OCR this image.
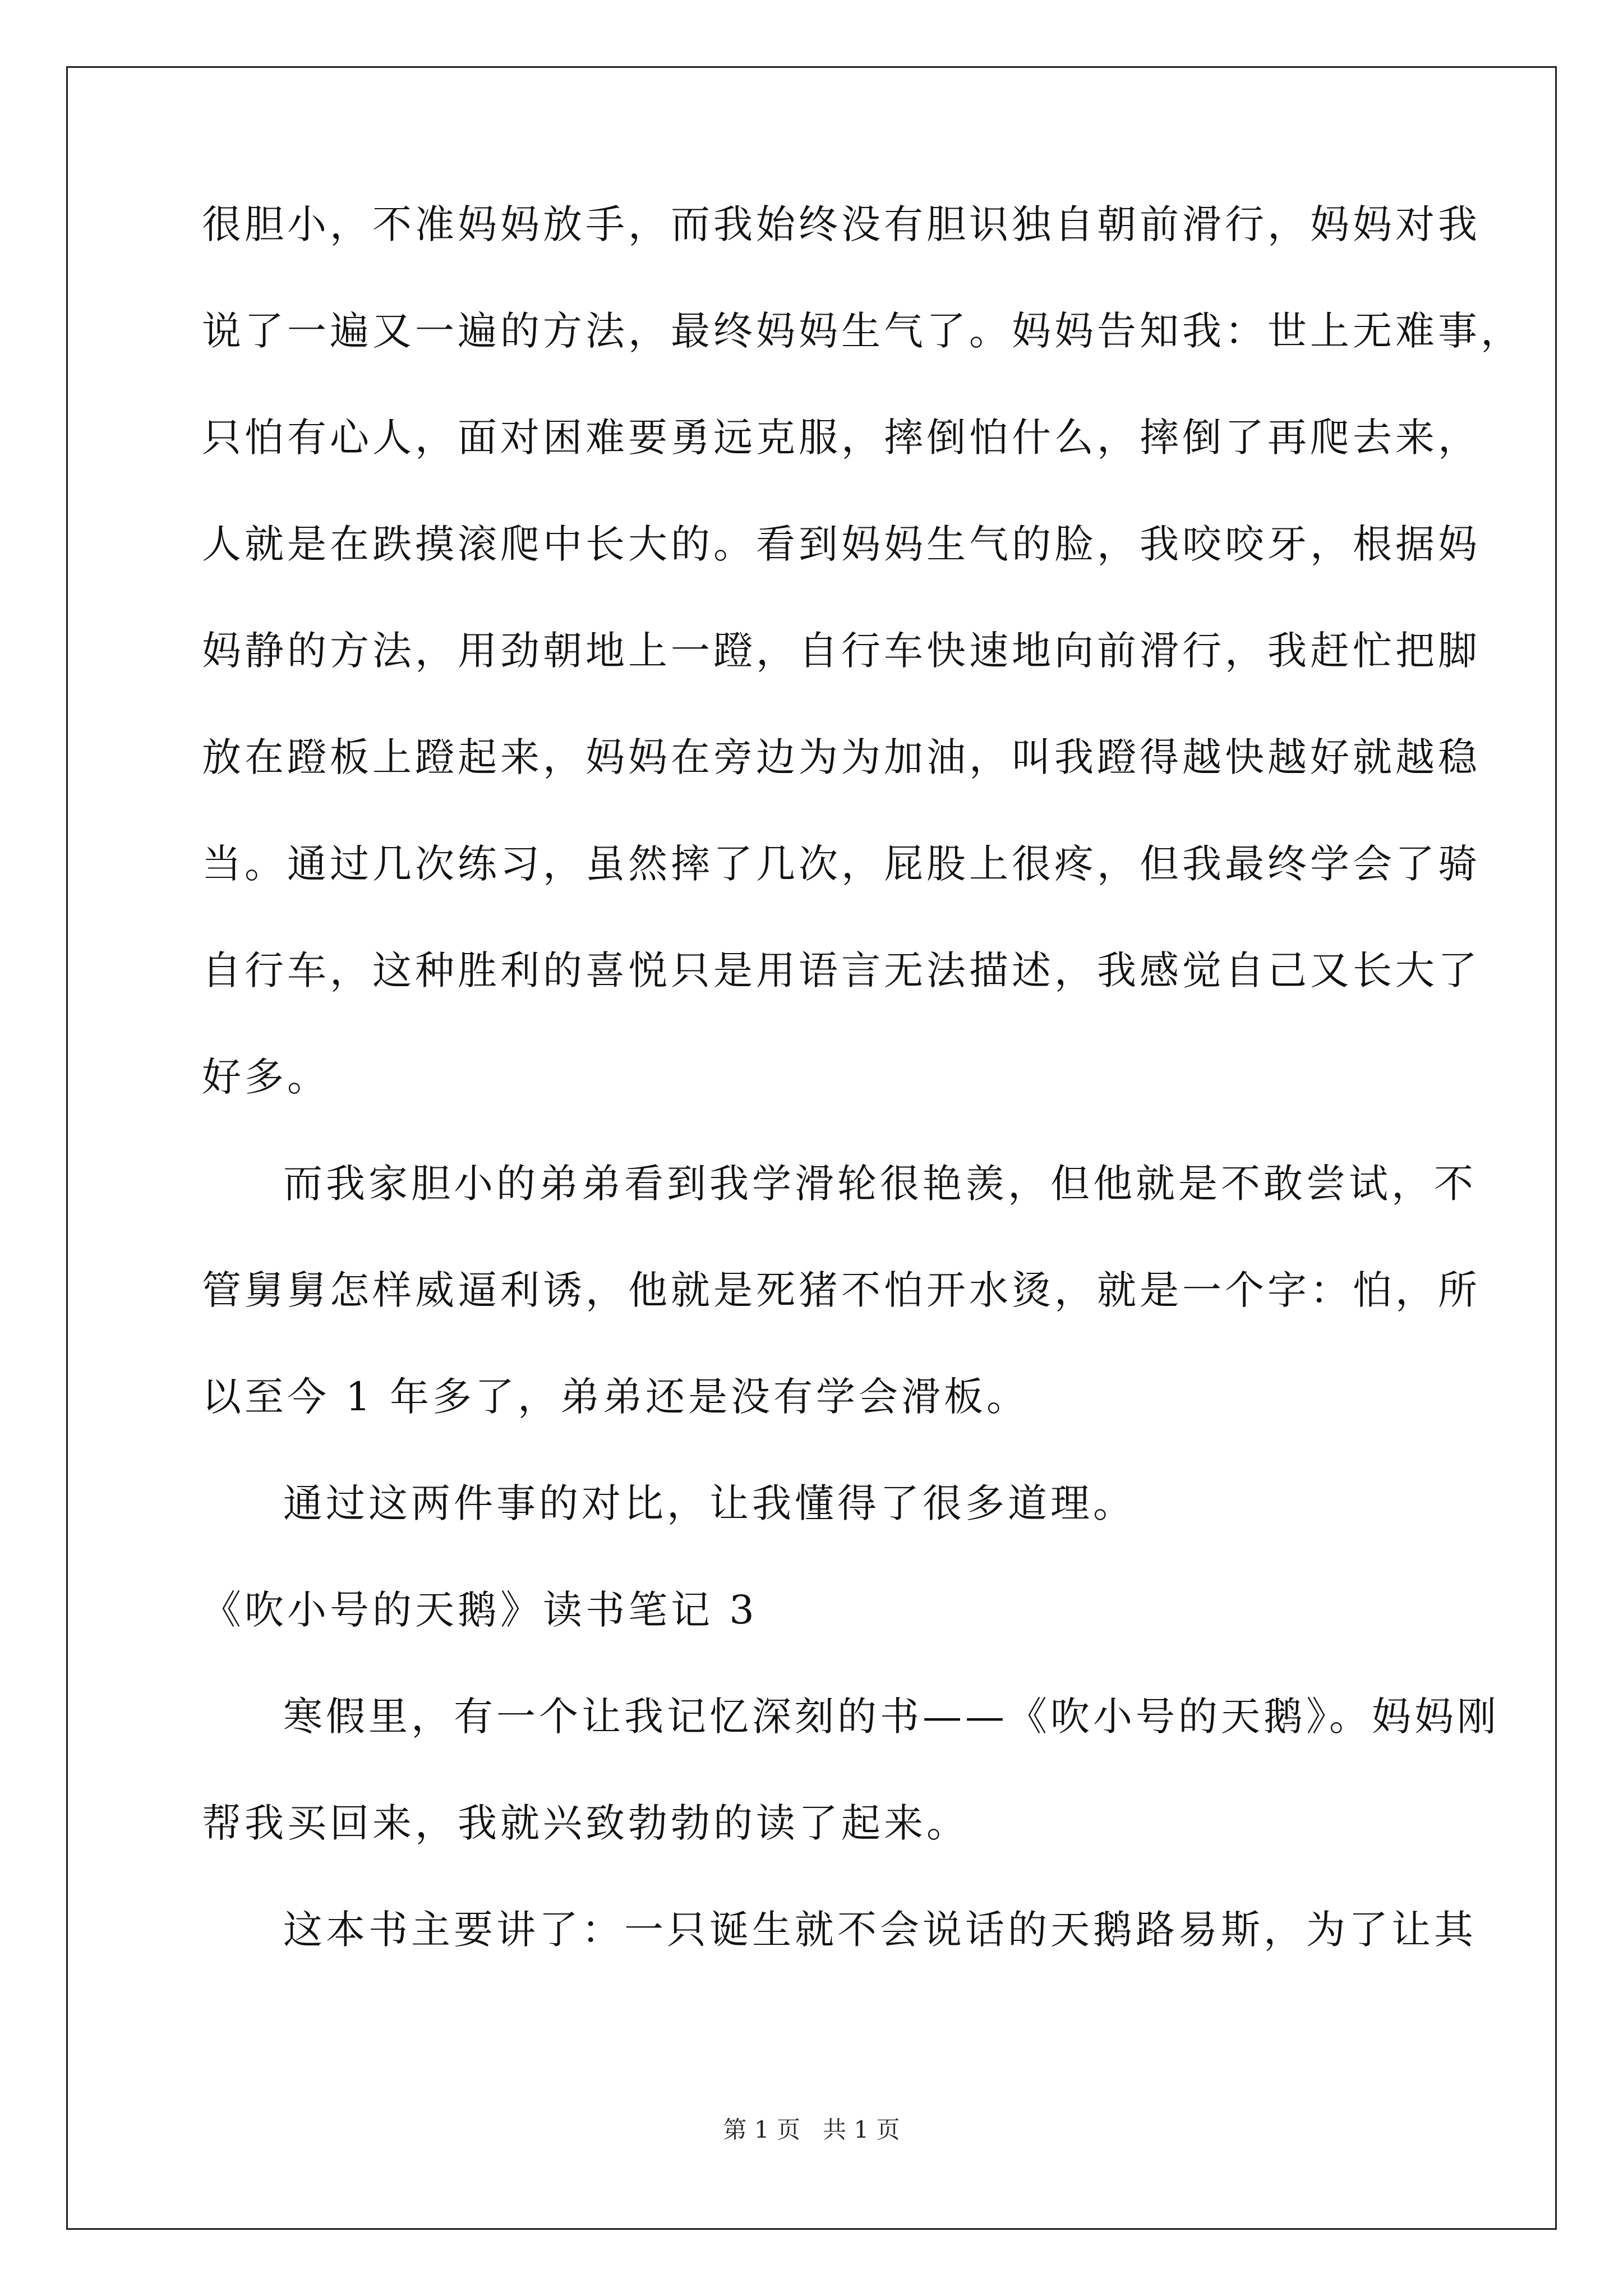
很胆小，不准妈妈放手，而我始终没有胆识独自朝前滑行，妈妈对我
说了一遍又一遍的方法，最终妈妈生气了。妈妈告知我：世上无难事，
只怕有心人，面对困难要勇远克服，摔倒怕什么，摔倒了再爬去来，
人就是在跌摸滚爬中长大的。看到妈妈生气的脸，我咬咬牙，根据妈
妈静的方法，用劲朝地上一蹬，自行车快速地向前滑行，我赶忙把脚
放在蹬板上蹬起来，妈妈在旁边为为加油，叫我蹬得越快越好就越稳
当。通过几次练习，虽然摔了几次，屁股上很疼，但我最终学会了骑
自行车，这种胜利的喜悦只是用语言无法描述，我感觉自己又长大了
好多。
而我家胆小的弟弟看到我学滑轮很艳羡，但他就是不敢尝试，不
管舅舅怎样威逼利诱，他就是死猪不怕开水烫，就是一个字：怕，所
以至今 1 年多了，弟弟还是没有学会滑板。
通过这两件事的对比，让我懂得了很多道理。
《吹小号的天鹅》读书笔记 3
寒假里，有一个让我记忆深刻的书——《吹小号的天鹅》。妈妈刚
帮我买回来，我就兴致勃勃的读了起来。
这本书主要讲了：一只诞生就不会说话的天鹅路易斯，为了让其
第 1 页   共 1 页
